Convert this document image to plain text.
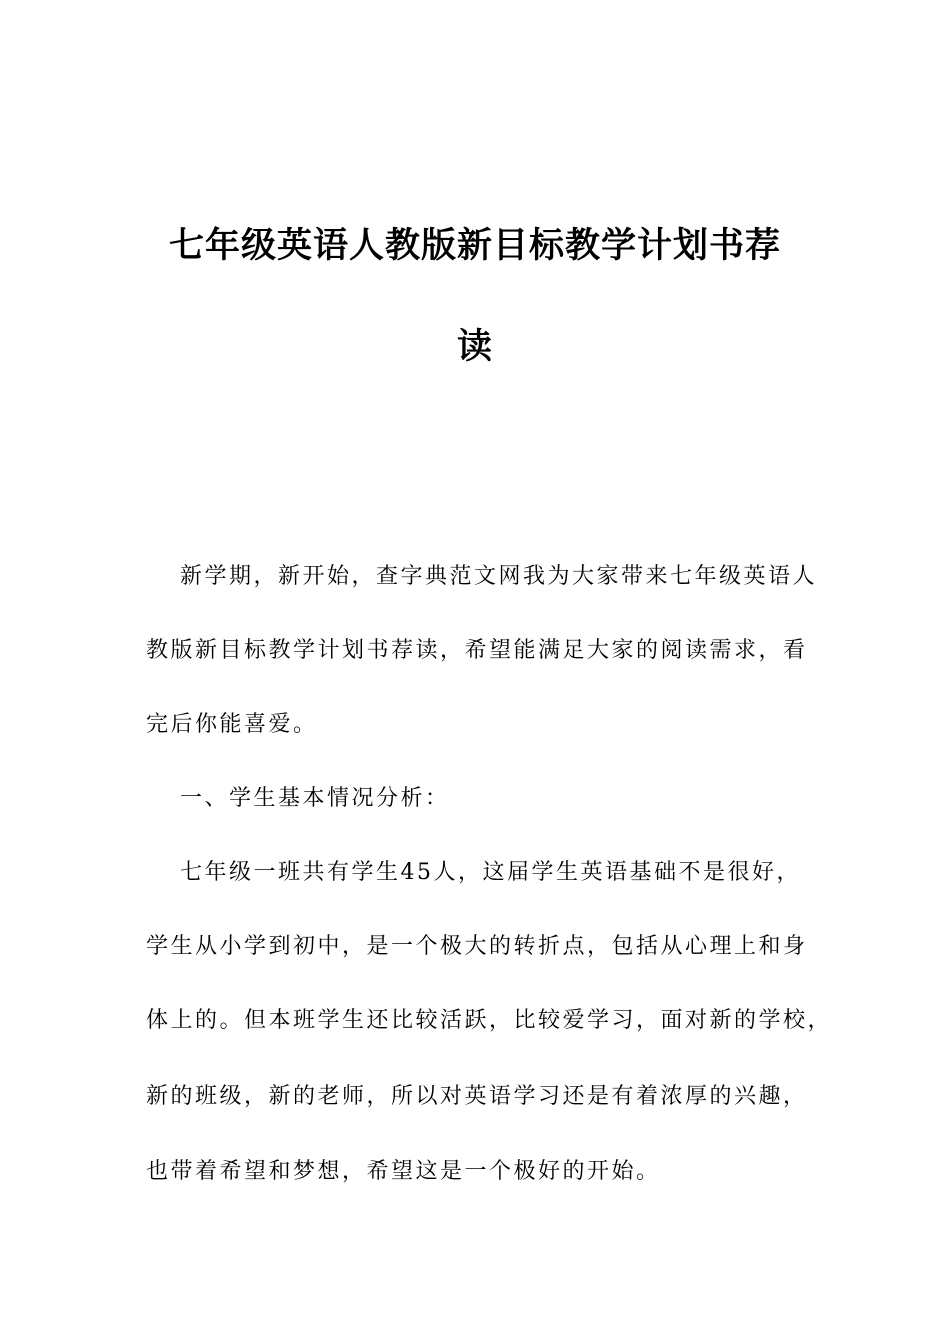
七年级英语人教版新目标教学计划书荐
读
新学期，新开始，查字典范文网我为大家带来七年级英语人
教版新目标教学计划书荐读，希望能满足大家的阅读需求，看
完后你能喜爱。
一、学生基本情况分析：
七年级一班共有学生45人，这届学生英语基础不是很好，
学生从小学到初中，是一个极大的转折点，包括从心理上和身
体上的。但本班学生还比较活跃，比较爱学习，面对新的学校，
新的班级，新的老师，所以对英语学习还是有着浓厚的兴趣，
也带着希望和梦想，希望这是一个极好的开始。
